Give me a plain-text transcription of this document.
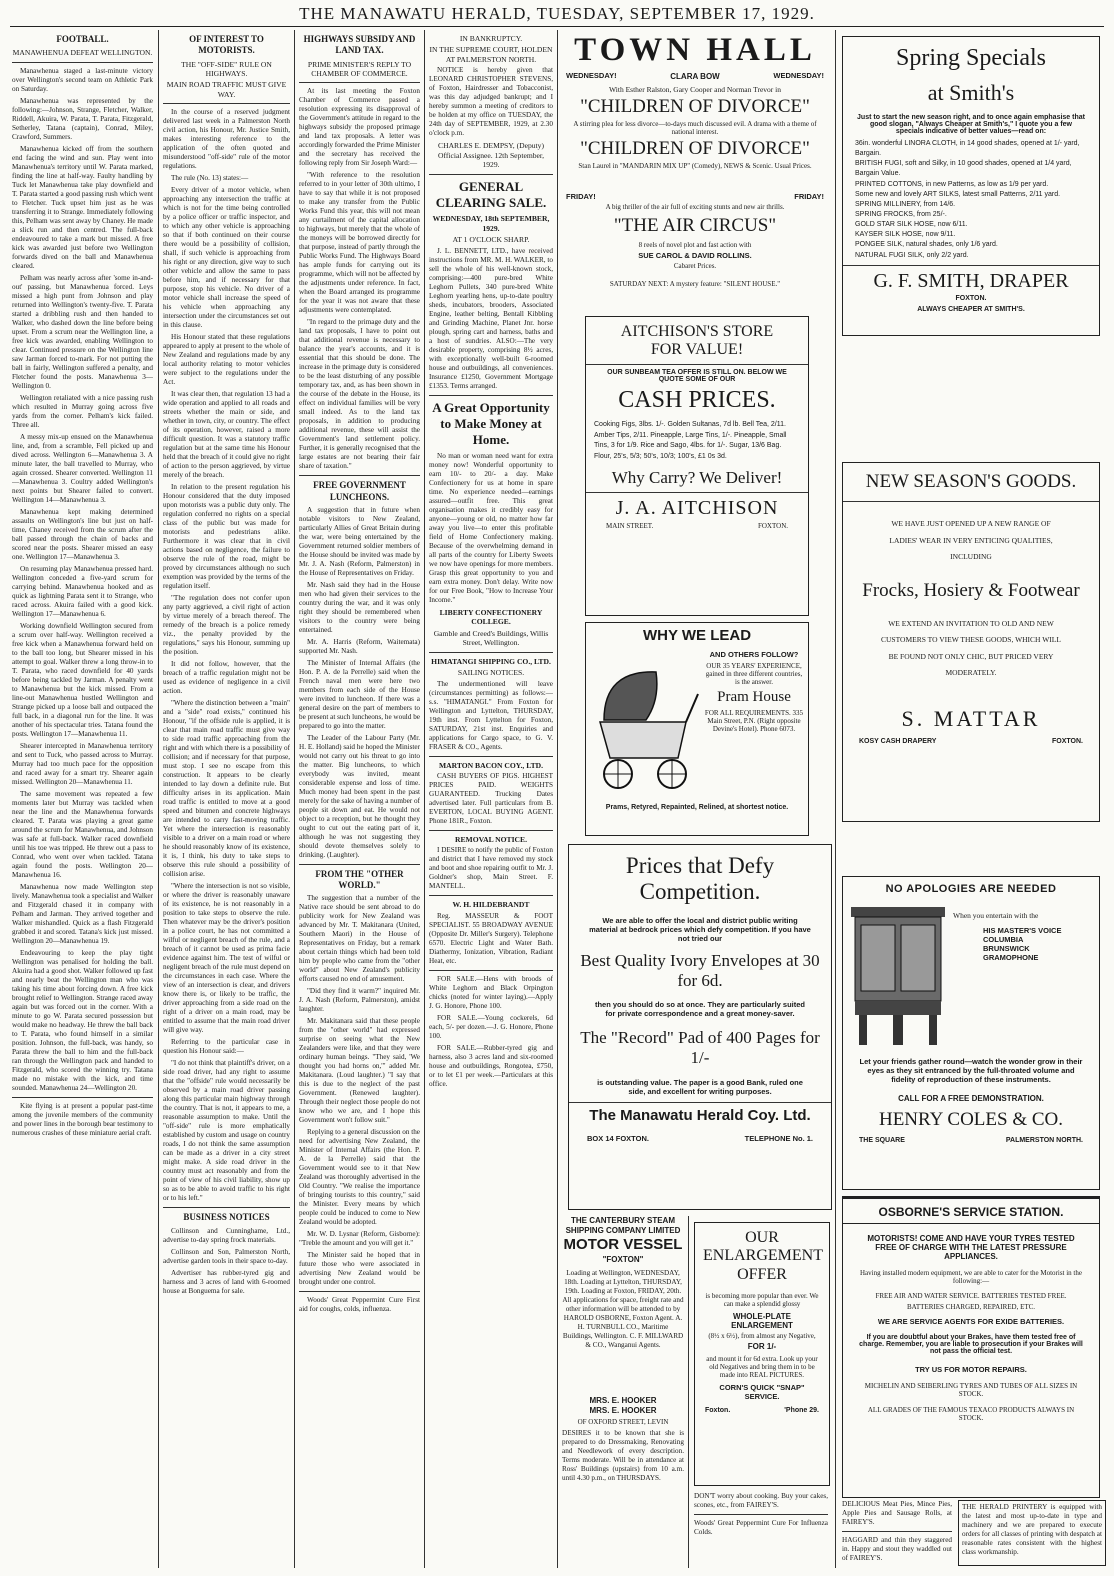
THE MANAWATU HERALD, TUESDAY, SEPTEMBER 17, 1929.
FOOTBALL.
MANAWHENUA DEFEAT WELLINGTON.

Manawhenua staged a last-minute victory over Wellington's second team on Athletic Park on Saturday.

Manawhenua was represented by the following:—Johnson, Strange, Fletcher, Walker, Riddell, Akuira, W. Parata, T. Parata, Fitzgerald, Setherley, Tatana (captain), Conrad, Miley, Crawford, Summers.

Manawhenua kicked off from the southern end facing the wind and sun. Play went into Manawhenua's territory until W. Parata marked, finding the line at half-way. Faulty handling by Tuck let Manawhenua take play downfield and T. Parata started a good passing rush which went to Fletcher. Tuck upset him just as he was transferring it to Strange. Immediately following this, Pelham was sent away by Chaney. He made a slick run and then centred. The full-back endeavoured to take a mark but missed. A free kick was awarded just before two Wellington forwards dived on the ball and Manawhenua cleared.

Pelham was nearly across after 'some in-and-out' passing, but Manawhenua forced. Leys missed a high punt from Johnson and play returned into Wellington's twenty-five. T. Parata started a dribbling rush and then handed to Walker, who dashed down the line before being upset. From a scrum near the Wellington line, a free kick was awarded, enabling Wellington to clear. Continued pressure on the Wellington line saw Jarman forced to-mark. For not putting the ball in fairly, Wellington suffered a penalty, and Fletcher found the posts. Manawhenua 3—Wellington 0.

Wellington retaliated with a nice passing rush which resulted in Murray going across five yards from the corner. Pelham's kick failed. Three all.

A messy mix-up ensued on the Manawhenua line, and, from a scramble, Fell picked up and dived across. Wellington 6—Manawhenua 3. A minute later, the ball travelled to Murray, who again crossed. Shearer converted. Wellington 11—Manawhenua 3. Coultry added Wellington's next points but Shearer failed to convert. Wellington 14—Manawhenua 3.

Manawhenua kept making determined assaults on Wellington's line but just on half-time, Chaney received from the scrum after the ball passed through the chain of backs and scored near the posts. Shearer missed an easy one. Wellington 17—Manawhenua 3.

On resuming play Manawhenua pressed hard. Wellington conceded a five-yard scrum for carrying behind. Manawhenua hooked and as quick as lightning Parata sent it to Strange, who raced across. Akuira failed with a good kick. Wellington 17—Manawhenua 6.

Working downfield Wellington secured from a scrum over half-way. Wellington received a free kick when a Manawhenua forward held on to the ball too long, but Shearer missed in his attempt to goal. Walker threw a long throw-in to T. Parata, who raced downfield for 40 yards before being tackled by Jarman. A penalty went to Manawhenua but the kick missed. From a line-out Manawhenua hustled Wellington and Strange picked up a loose ball and outpaced the full back, in a diagonal run for the line. It was another of his spectacular tries. Tatana found the posts. Wellington 17—Manawhenua 11.

Shearer intercepted in Manawhenua territory and sent to Tuck, who passed across to Murray. Murray had too much pace for the opposition and raced away for a smart try. Shearer again missed. Wellington 20—Manawhenua 11.

The same movement was repeated a few moments later but Murray was tackled when near the line and the Manawhenua forwards cleared. T. Parata was playing a great game around the scrum for Manawhenua, and Johnson was safe at full-back. Walker raced downfield until his toe was tripped. He threw out a pass to Conrad, who went over when tackled. Tatana again found the posts. Wellington 20—Manawhenua 16.

Manawhenua now made Wellington step lively. Manawhenua took a specialist and Walker and Fitzgerald chased it in company with Pelham and Jarman. They arrived together and Walker mishandled. Quick as a flash Fitzgerald grabbed it and scored. Tatana's kick just missed. Wellington 20—Manawhenua 19.

Endeavouring to keep the play tight Wellington was penalised for holding the ball. Akuira had a good shot. Walker followed up fast and nearly beat the Wellington man who was taking his time about forcing down. A free kick brought relief to Wellington. Strange raced away again but was forced out in the corner. With a minute to go W. Parata secured possession but would make no headway. He threw the ball back to T. Parata, who found himself in a similar position. Johnson, the full-back, was handy, so Parata threw the ball to him and the full-back ran through the Wellington pack and handed to Fitzgerald, who scored the winning try. Tatana made no mistake with the kick, and time sounded. Manawhenua 24—Wellington 20.

Kite flying is at present a popular past-time among the juvenile members of the community and power lines in the borough bear testimony to numerous crashes of these miniature aerial craft.

OF INTEREST TO MOTORISTS.
THE "OFF-SIDE" RULE ON HIGHWAYS.
MAIN ROAD TRAFFIC MUST GIVE WAY.

In the course of a reserved judgment delivered last week in a Palmerston North civil action, his Honour, Mr. Justice Smith, makes interesting reference to the application of the often quoted and misunderstood "off-side" rule of the motor regulations.

The rule (No. 13) states:—

Every driver of a motor vehicle, when approaching any intersection the traffic at which is not for the time being controlled by a police officer or traffic inspector, and to which any other vehicle is approaching so that if both continued on their course there would be a possibility of collision, shall, if such vehicle is approaching from his right or any direction, give way to such other vehicle and allow the same to pass before him, and if necessary for that purpose, stop his vehicle. No driver of a motor vehicle shall increase the speed of his vehicle when approaching any intersection under the circumstances set out in this clause.

His Honour stated that these regulations appeared to apply at present to the whole of New Zealand and regulations made by any local authority relating to motor vehicles were subject to the regulations under the Act.

It was clear then, that regulation 13 had a wide operation and applied to all roads and streets whether the main or side, and whether in town, city, or country. The effect of its operation, however, raised a more difficult question. It was a statutory traffic regulation but at the same time his Honour held that the breach of it could give no right of action to the person aggrieved, by virtue merely of the breach.

In relation to the present regulation his Honour considered that the duty imposed upon motorists was a public duty only. The regulation conferred no rights on a special class of the public but was made for motorists and pedestrians alike. Furthermore it was clear that in civil actions based on negligence, the failure to observe the rule of the road, might be proved by circumstances although no such exemption was provided by the terms of the regulation itself.

"The regulation does not confer upon any party aggrieved, a civil right of action by virtue merely of a breach thereof. The remedy of the breach is a police remedy viz., the penalty provided by the regulations," says his Honour, summing up the position.

It did not follow, however, that the breach of a traffic regulation might not be used as evidence of negligence in a civil action.

"Where the distinction between a "main" and a "side" road exists," continued his Honour, "if the offside rule is applied, it is clear that main road traffic must give way to side road traffic approaching from the right and with which there is a possibility of collision; and if necessary for that purpose, must stop. I see no escape from this construction. It appears to be clearly intended to lay down a definite rule. But difficulty arises in its application. Main road traffic is entitled to move at a good speed and bitumen and concrete highways are intended to carry fast-moving traffic. Yet where the intersection is reasonably visible to a driver on a main road or where he should reasonably know of its existence, it is, I think, his duty to take steps to observe this rule should a possibility of collision arise.

"Where the intersection is not so visible, or where the driver is reasonably unaware of its existence, he is not reasonably in a position to take steps to observe the rule. Then whatever may be the driver's position in a police court, he has not committed a wilful or negligent breach of the rule, and a breach of it cannot be used as prima facie evidence against him. The test of wilful or negligent breach of the rule must depend on the circumstances in each case. Where the view of an intersection is clear, and drivers know there is, or likely to be traffic, the driver approaching from a side road on the right of a driver on a main road, may be entitled to assume that the main road driver will give way.

Referring to the particular case in question his Honour said:—

"I do not think that plaintiff's driver, on a side road driver, had any right to assume that the "offside" rule would necessarily be observed by a main road driver passing along this particular main highway through the country. That is not, it appears to me, a reasonable assumption to make. Until the "off-side" rule is more emphatically established by custom and usage on country roads, I do not think the same assumption can be made as a driver in a city street might make. A side road driver in the country must act reasonably and from the point of view of his civil liability, show up so as to be able to avoid traffic to his right or to his left."

BUSINESS NOTICES

Collinson and Cunninghame, Ltd., advertise to-day spring frock materials.

Collinson and Son, Palmerston North, advertise garden tools in their space to-day.

Advertiser has rubber-tyred gig and harness and 3 acres of land with 6-roomed house at Bonguema for sale.

HIGHWAYS SUBSIDY AND LAND TAX.
PRIME MINISTER'S REPLY TO CHAMBER OF COMMERCE.

At its last meeting the Foxton Chamber of Commerce passed a resolution expressing its disapproval of the Government's attitude in regard to the highways subsidy the proposed primage and land tax proposals. A letter was accordingly forwarded the Prime Minister and the secretary has received the following reply from Sir Joseph Ward:—

"With reference to the resolution referred to in your letter of 30th ultimo, I have to say that while it is not proposed to make any transfer from the Public Works Fund this year, this will not mean any curtailment of the capital allocation to highways, but merely that the whole of the moneys will be borrowed directly for that purpose, instead of partly through the Public Works Fund. The Highways Board has ample funds for carrying out its programme, which will not be affected by the adjustments under reference. In fact, when the Board arranged its programme for the year it was not aware that these adjustments were contemplated.

"In regard to the primage duty and the land tax proposals, I have to point out that additional revenue is necessary to balance the year's accounts, and it is essential that this should be done. The increase in the primage duty is considered to be the least disturbing of any possible temporary tax, and, as has been shown in the course of the debate in the House, its effect on individual families will be very small indeed. As to the land tax proposals, in addition to producing additional revenue, these will assist the Government's land settlement policy. Further, it is generally recognised that the large estates are not bearing their fair share of taxation."

FREE GOVERNMENT LUNCHEONS.

A suggestion that in future when notable visitors to New Zealand, particularly Allies of Great Britain during the war, were being entertained by the Government returned soldier members of the House should be invited was made by Mr. J. A. Nash (Reform, Palmerston) in the House of Representatives on Friday.

Mr. Nash said they had in the House men who had given their services to the country during the war, and it was only right they should be remembered when visitors to the country were being entertained.

Mr. A. Harris (Reform, Waitemata) supported Mr. Nash.

The Minister of Internal Affairs (the Hon. P. A. de la Perrelle) said when the French naval men were here two members from each side of the House were invited to luncheon. If there was a general desire on the part of members to be present at such luncheons, he would be prepared to go into the matter.

The Leader of the Labour Party (Mr. H. E. Holland) said he hoped the Minister would not carry out his threat to go into the matter. Big luncheons, to which everybody was invited, meant considerable expense and loss of time. Much money had been spent in the past merely for the sake of having a number of people sit down and eat. He would not object to a reception, but he thought they ought to cut out the eating part of it, although he was not suggesting they should devote themselves solely to drinking. (Laughter).

FROM THE "OTHER WORLD."

The suggestion that a number of the Native race should be sent abroad to do publicity work for New Zealand was advanced by Mr. T. Makitanara (United, Southern Maori) in the House of Representatives on Friday, but a remark about certain things which had been told him by people who came from the "other world" about New Zealand's publicity efforts caused no end of amusement.

"Did they find it warm?" inquired Mr. J. A. Nash (Reform, Palmerston), amidst laughter.

Mr. Makitanara said that these people from the "other world" had expressed surprise on seeing what the New Zealanders were like, and that they were ordinary human beings. "They said, 'We thought you had horns on,'" added Mr. Makitanara. (Loud laughter.) "I say that this is due to the neglect of the past Government. (Renewed laughter). Through their neglect those people do not know who we are, and I hope this Government won't follow suit."

Replying to a general discussion on the need for advertising New Zealand, the Minister of Internal Affairs (the Hon. P. A. de la Perrelle) said that the Government would see to it that New Zealand was thoroughly advertised in the Old Country. "We realise the importance of bringing tourists to this country," said the Minister. Every means by which people could be induced to come to New Zealand would be adopted.

Mr. W. D. Lysnar (Reform, Gisborne): "Treble the amount and you will get it."

The Minister said he hoped that in future those who were associated in advertising New Zealand would be brought under one control.

Woods' Great Peppermint Cure First aid for coughs, colds, influenza.

IN BANKRUPTCY.
IN THE SUPREME COURT, HOLDEN AT PALMERSTON NORTH.

NOTICE is hereby given that LEONARD CHRISTOPHER STEVENS, of Foxton, Hairdresser and Tobacconist, was this day adjudged bankrupt; and I hereby summon a meeting of creditors to be holden at my office on TUESDAY, the 24th day of SEPTEMBER, 1929, at 2.30 o'clock p.m.

CHARLES E. DEMPSY, (Deputy) Official Assignee. 12th September, 1929.
GENERAL CLEARING SALE.
WEDNESDAY, 18th SEPTEMBER, 1929.
AT 1 O'CLOCK SHARP.

J. L. BENNETT, LTD., have received instructions from MR. M. H. WALKER, to sell the whole of his well-known stock, comprising:—400 pure-bred White Leghorn Pullets, 340 pure-bred White Leghorn yearling hens, up-to-date poultry sheds, incubators, brooders, Associated Engine, leather belting, Bentall Kibbling and Grinding Machine, Planet Jnr. horse plough, spring cart and harness, baths and a host of sundries. ALSO:—The very desirable property, comprising 8½ acres, with exceptionally well-built 6-roomed house and outbuildings, all conveniences. Insurance £1250, Government Mortgage £1353. Terms arranged.

A Great Opportunity to Make Money at Home.

No man or woman need want for extra money now! Wonderful opportunity to earn 10/- to 20/- a day. Make Confectionery for us at home in spare time. No experience needed—earnings assured—outfit free. This great organisation makes it credibly easy for anyone—young or old, no matter how far away you live—to enter this profitable field of Home Confectionery making. Because of the overwhelming demand in all parts of the country for Liberty Sweets we now have openings for more members. Grasp this great opportunity to you and earn extra money. Don't delay. Write now for our Free Book, "How to Increase Your Income."

LIBERTY CONFECTIONERY COLLEGE.
Gamble and Creed's Buildings, Willis Street, Wellington.
HIMATANGI SHIPPING CO., LTD.
SAILING NOTICES.

The undermentioned will leave (circumstances permitting) as follows:— s.s. "HIMATANGI." From Foxton for Wellington and Lyttelton, THURSDAY, 19th inst. From Lyttelton for Foxton, SATURDAY, 21st inst. Enquiries and applications for Cargo space, to G. V. FRASER & CO., Agents.

MARTON BACON COY., LTD.

CASH BUYERS OF PIGS. HIGHEST PRICES PAID. WEIGHTS GUARANTEED. Trucking Dates advertised later. Full particulars from B. EVERTON, LOCAL BUYING AGENT. Phone 181R., Foxton.

REMOVAL NOTICE.

I DESIRE to notify the public of Foxton and district that I have removed my stock and boot and shoe repairing outfit to Mr. J. Goldner's shop, Main Street. F. MANTELL.

W. H. HILDEBRANDT

Reg. MASSEUR & FOOT SPECIALIST. 55 BROADWAY AVENUE (Opposite Dr. Miller's Surgery). Telephone 6570. Electric Light and Water Bath. Diathermy, Ionization, Vibration, Radiant Heat, etc.

FOR SALE.—Hens with broods of White Leghorn and Black Orpington chicks (noted for winter laying).—Apply J. G. Honore, Phone 100.

FOR SALE.—Young cockerels, 6d each, 5/- per dozen.—J. G. Honore, Phone 100.

FOR SALE.—Rubber-tyred gig and harness, also 3 acres land and six-roomed house and outbuildings, Rongotea, £750, or to let £1 per week.—Particulars at this office.

TOWN HALL
WEDNESDAY!	WEDNESDAY!
CLARA BOW
With Esther Ralston, Gary Cooper and Norman Trevor in
"CHILDREN OF DIVORCE"
A stirring plea for less divorce—to-days much discussed evil. A drama with a theme of national interest.
"CHILDREN OF DIVORCE"
Stan Laurel in "MANDARIN MIX UP" (Comedy), NEWS & Scenic. Usual Prices.
FRIDAY!	FRIDAY!
A big thriller of the air full of exciting stunts and new air thrills.
"THE AIR CIRCUS"
8 reels of novel plot and fast action with
SUE CAROL & DAVID ROLLINS.
Cabaret Prices.
SATURDAY NEXT: A mystery feature: "SILENT HOUSE."
AITCHISON'S STORE FOR VALUE!
OUR SUNBEAM TEA OFFER IS STILL ON. BELOW WE QUOTE SOME OF OUR
CASH PRICES.
Cooking Figs, 3lbs. 1/-. Golden Sultanas, 7d lb. Bell Tea, 2/11. Amber Tips, 2/11. Pineapple, Large Tins, 1/-. Pineapple, Small Tins, 3 for 1/9. Rice and Sago, 4lbs. for 1/-. Sugar, 13/6 Bag. Flour, 25's, 5/3; 50's, 10/3; 100's, £1 0s 3d.
Why Carry? We Deliver!
J. A. AITCHISON
MAIN STREET.	FOXTON.
WHY WE LEAD
AND OTHERS FOLLOW?
OUR 35 YEARS' EXPERIENCE, gained in three different countries, is the answer.
Pram House
FOR ALL REQUIREMENTS. 335 Main Street, P.N. (Right opposite Devine's Hotel). Phone 6073.
Prams, Retyred, Repainted, Relined, at shortest notice.
Prices that Defy Competition.
We are able to offer the local and district public writing material at bedrock prices which defy competition. If you have not tried our
Best Quality Ivory Envelopes at 30 for 6d.
then you should do so at once. They are particularly suited for private correspondence and a great money-saver.
The "Record" Pad of 400 Pages for 1/-
is outstanding value. The paper is a good Bank, ruled one side, and excellent for writing purposes.
The Manawatu Herald Coy. Ltd.
BOX 14 FOXTON.	TELEPHONE No. 1.
THE CANTERBURY STEAM SHIPPING COMPANY LIMITED
MOTOR VESSEL
"FOXTON"

Loading at Wellington, WEDNESDAY, 18th. Loading at Lyttelton, THURSDAY, 19th. Loading at Foxton, FRIDAY, 20th. All applications for space, freight rate and other information will be attended to by HAROLD OSBORNE, Foxton Agent. A. H. TURNBULL CO., Maritime Buildings, Wellington. C. F. MILLWARD & CO., Wanganui Agents.

OUR ENLARGEMENT OFFER
is becoming more popular than ever. We can make a splendid glossy
WHOLE-PLATE ENLARGEMENT
(8½ x 6½), from almost any Negative,
FOR 1/-
and mount it for 6d extra. Look up your old Negatives and bring them in to be made into REAL PICTURES.
CORN'S QUICK "SNAP" SERVICE.
Foxton.	'Phone 29.
MRS. E. HOOKER
MRS. E. HOOKER
OF OXFORD STREET, LEVIN

DESIRES it to be known that she is prepared to do Dressmaking, Renovating and Needlework of every description. Terms moderate. Will be in attendance at Ross' Buildings (upstairs) from 10 a.m. until 4.30 p.m., on THURSDAYS.

DON'T worry about cooking. Buy your cakes, scones, etc., from FAIREY'S.

Woods' Great Peppermint Cure For Influenza Colds.

Spring Specials
at Smith's
Just to start the new season right, and to once again emphasise that good slogan, "Always Cheaper at Smith's," I quote you a few specials indicative of better values—read on:
36in. wonderful LINORA CLOTH, in 14 good shades, opened at 1/- yard, Bargain.
BRITISH FUGI, soft and Silky, in 10 good shades, opened at 1/4 yard, Bargain Value.
PRINTED COTTONS, in new Patterns, as low as 1/9 per yard.
Some new and lovely ART SILKS, latest small Patterns, 2/11 yard.
SPRING MILLINERY, from 14/6.
SPRING FROCKS, from 25/-.
GOLD STAR SILK HOSE, now 6/11.
KAYSER SILK HOSE, now 9/11.
PONGEE SILK, natural shades, only 1/6 yard.
NATURAL FUGI SILK, only 2/2 yard.
G. F. SMITH, DRAPER
FOXTON.
ALWAYS CHEAPER AT SMITH'S.
NEW SEASON'S GOODS.
WE HAVE JUST OPENED UP A NEW RANGE OF LADIES' WEAR IN VERY ENTICING QUALITIES, INCLUDING
Frocks, Hosiery & Footwear
WE EXTEND AN INVITATION TO OLD AND NEW CUSTOMERS TO VIEW THESE GOODS, WHICH WILL BE FOUND NOT ONLY CHIC, BUT PRICED VERY MODERATELY.
S. MATTAR
KOSY CASH DRAPERY	FOXTON.
NO APOLOGIES ARE NEEDED
When you entertain with the
HIS MASTER'S VOICE
COLUMBIA
BRUNSWICK
GRAMOPHONE
Let your friends gather round—watch the wonder grow in their eyes as they sit entranced by the full-throated volume and fidelity of reproduction of these instruments.
CALL FOR A FREE DEMONSTRATION.
HENRY COLES & CO.
THE SQUARE	PALMERSTON NORTH.
OSBORNE'S SERVICE STATION.
MOTORISTS! COME AND HAVE YOUR TYRES TESTED FREE OF CHARGE WITH THE LATEST PRESSURE APPLIANCES.
Having installed modern equipment, we are able to cater for the Motorist in the following:—
FREE AIR AND WATER SERVICE. BATTERIES TESTED FREE. BATTERIES CHARGED, REPAIRED, ETC.
WE ARE SERVICE AGENTS FOR EXIDE BATTERIES.
If you are doubtful about your Brakes, have them tested free of charge. Remember, you are liable to prosecution if your Brakes will not pass the official test.
TRY US FOR MOTOR REPAIRS.
MICHELIN AND SEIBERLING TYRES AND TUBES OF ALL SIZES IN STOCK.
ALL GRADES OF THE FAMOUS TEXACO PRODUCTS ALWAYS IN STOCK.

DELICIOUS Meat Pies, Mince Pies, Apple Pies and Sausage Rolls, at FAIREY'S.

HAGGARD and thin they staggered in. Happy and stout they waddled out of FAIREY'S.

THE HERALD PRINTERY is equipped with the latest and most up-to-date in type and machinery and we are prepared to execute orders for all classes of printing with despatch at reasonable rates consistent with the highest class workmanship.
